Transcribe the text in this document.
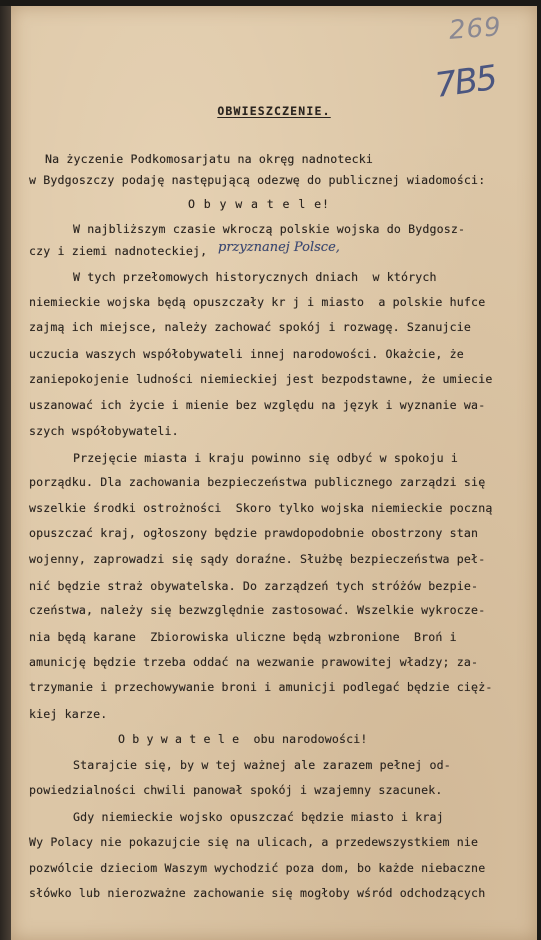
269
7B5
OBWIESZCZENIE.
Na życzenie Podkomosarjatu na okręg nadnotecki
w Bydgoszczy podaję następującą odezwę do publicznej wiadomości:
O b y w a t e l e!
W najbliższym czasie wkroczą polskie wojska do Bydgosz-
czy i ziemi nadnoteckiej, przyznanej Polsce,
W tych przełomowych historycznych dniach  w których
niemieckie wojska będą opuszczały kr j i miasto  a polskie hufce
zajmą ich miejsce, należy zachować spokój i rozwagę. Szanujcie
uczucia waszych współobywateli innej narodowości. Okażcie, że
zaniepokojenie ludności niemieckiej jest bezpodstawne, że umiecie
uszanować ich życie i mienie bez względu na język i wyznanie wa-
szych współobywateli.
Przejęcie miasta i kraju powinno się odbyć w spokoju i
porządku. Dla zachowania bezpieczeństwa publicznego zarządzi się
wszelkie środki ostrożności  Skoro tylko wojska niemieckie poczną
opuszczać kraj, ogłoszony będzie prawdopodobnie obostrzony stan
wojenny, zaprowadzi się sądy doraźne. Służbę bezpieczeństwa peł-
nić będzie straż obywatelska. Do zarządzeń tych stróżów bezpie-
czeństwa, należy się bezwzględnie zastosować. Wszelkie wykrocze-
nia będą karane  Zbiorowiska uliczne będą wzbronione  Broń i
amunicję będzie trzeba oddać na wezwanie prawowitej władzy; za-
trzymanie i przechowywanie broni i amunicji podlegać będzie cięż-
kiej karze.
O b y w a t e l e  obu narodowości!
Starajcie się, by w tej ważnej ale zarazem pełnej od-
powiedzialności chwili panował spokój i wzajemny szacunek.
Gdy niemieckie wojsko opuszczać będzie miasto i kraj
Wy Polacy nie pokazujcie się na ulicach, a przedewszystkiem nie
pozwólcie dzieciom Waszym wychodzić poza dom, bo każde niebaczne
słówko lub nierozważne zachowanie się mogłoby wśród odchodzących
